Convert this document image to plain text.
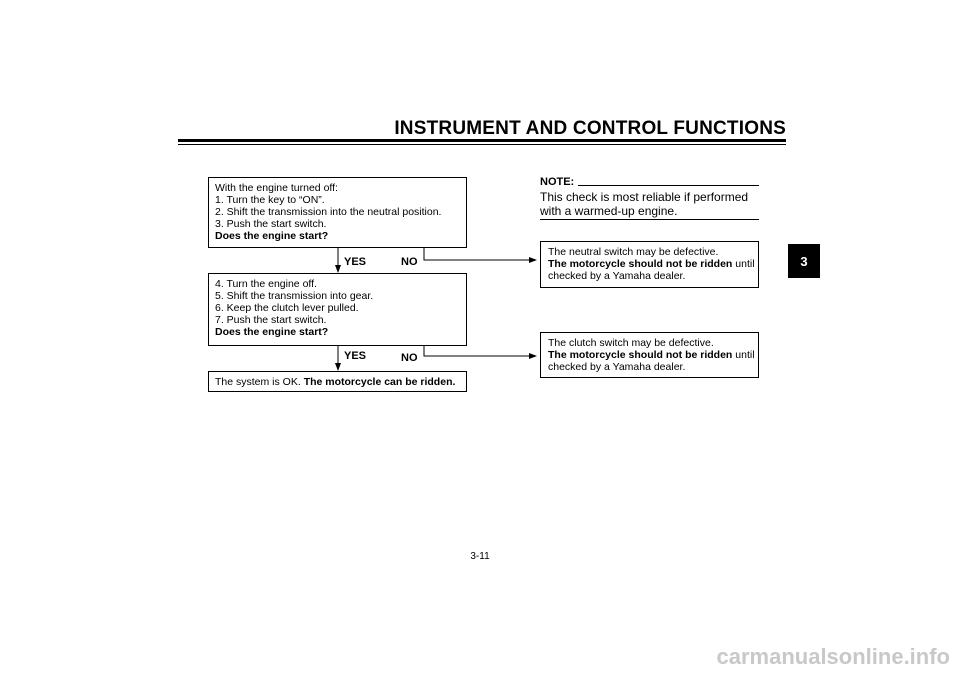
INSTRUMENT AND CONTROL FUNCTIONS
3
With the engine turned off:
1. Turn the key to “ON”.
2. Shift the transmission into the neutral position.
3. Push the start switch.
Does the engine start?
YES	NO
4. Turn the engine off.
5. Shift the transmission into gear.
6. Keep the clutch lever pulled.
7. Push the start switch.
Does the engine start?
YES	NO
The system is OK. The motorcycle can be ridden.
NOTE:
This check is most reliable if performed with a warmed-up engine.
The neutral switch may be defective.
The motorcycle should not be ridden until
checked by a Yamaha dealer.
The clutch switch may be defective.
The motorcycle should not be ridden until
checked by a Yamaha dealer.
3-11
carmanualsonline.info
